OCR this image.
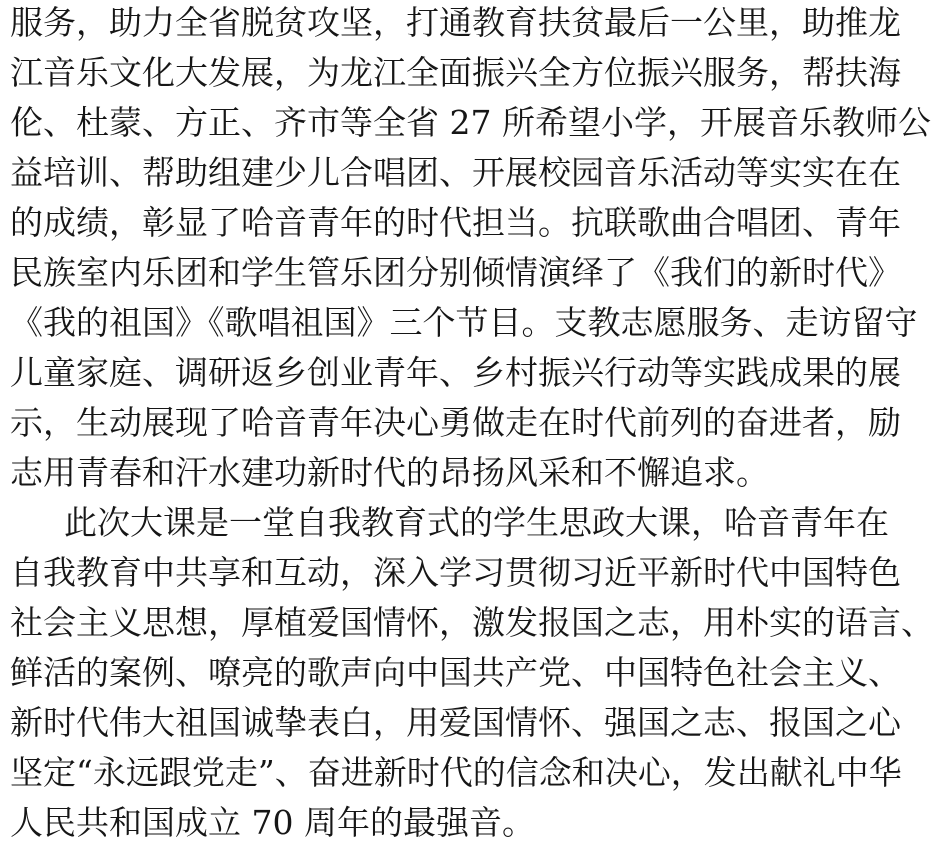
服务，助力全省脱贫攻坚，打通教育扶贫最后一公里，助推龙
江音乐文化大发展，为龙江全面振兴全方位振兴服务，帮扶海
伦、杜蒙、方正、齐市等全省 27 所希望小学，开展音乐教师公
益培训、帮助组建少儿合唱团、开展校园音乐活动等实实在在
的成绩，彰显了哈音青年的时代担当。抗联歌曲合唱团、青年
民族室内乐团和学生管乐团分别倾情演绎了《我们的新时代》
《我的祖国》《歌唱祖国》三个节目。支教志愿服务、走访留守
儿童家庭、调研返乡创业青年、乡村振兴行动等实践成果的展
示，生动展现了哈音青年决心勇做走在时代前列的奋进者，励
志用青春和汗水建功新时代的昂扬风采和不懈追求。
此次大课是一堂自我教育式的学生思政大课，哈音青年在
自我教育中共享和互动，深入学习贯彻习近平新时代中国特色
社会主义思想，厚植爱国情怀，激发报国之志，用朴实的语言、
鲜活的案例、嘹亮的歌声向中国共产党、中国特色社会主义、
新时代伟大祖国诚挚表白，用爱国情怀、强国之志、报国之心
坚定“永远跟党走”、奋进新时代的信念和决心，发出献礼中华
人民共和国成立 70 周年的最强音。
